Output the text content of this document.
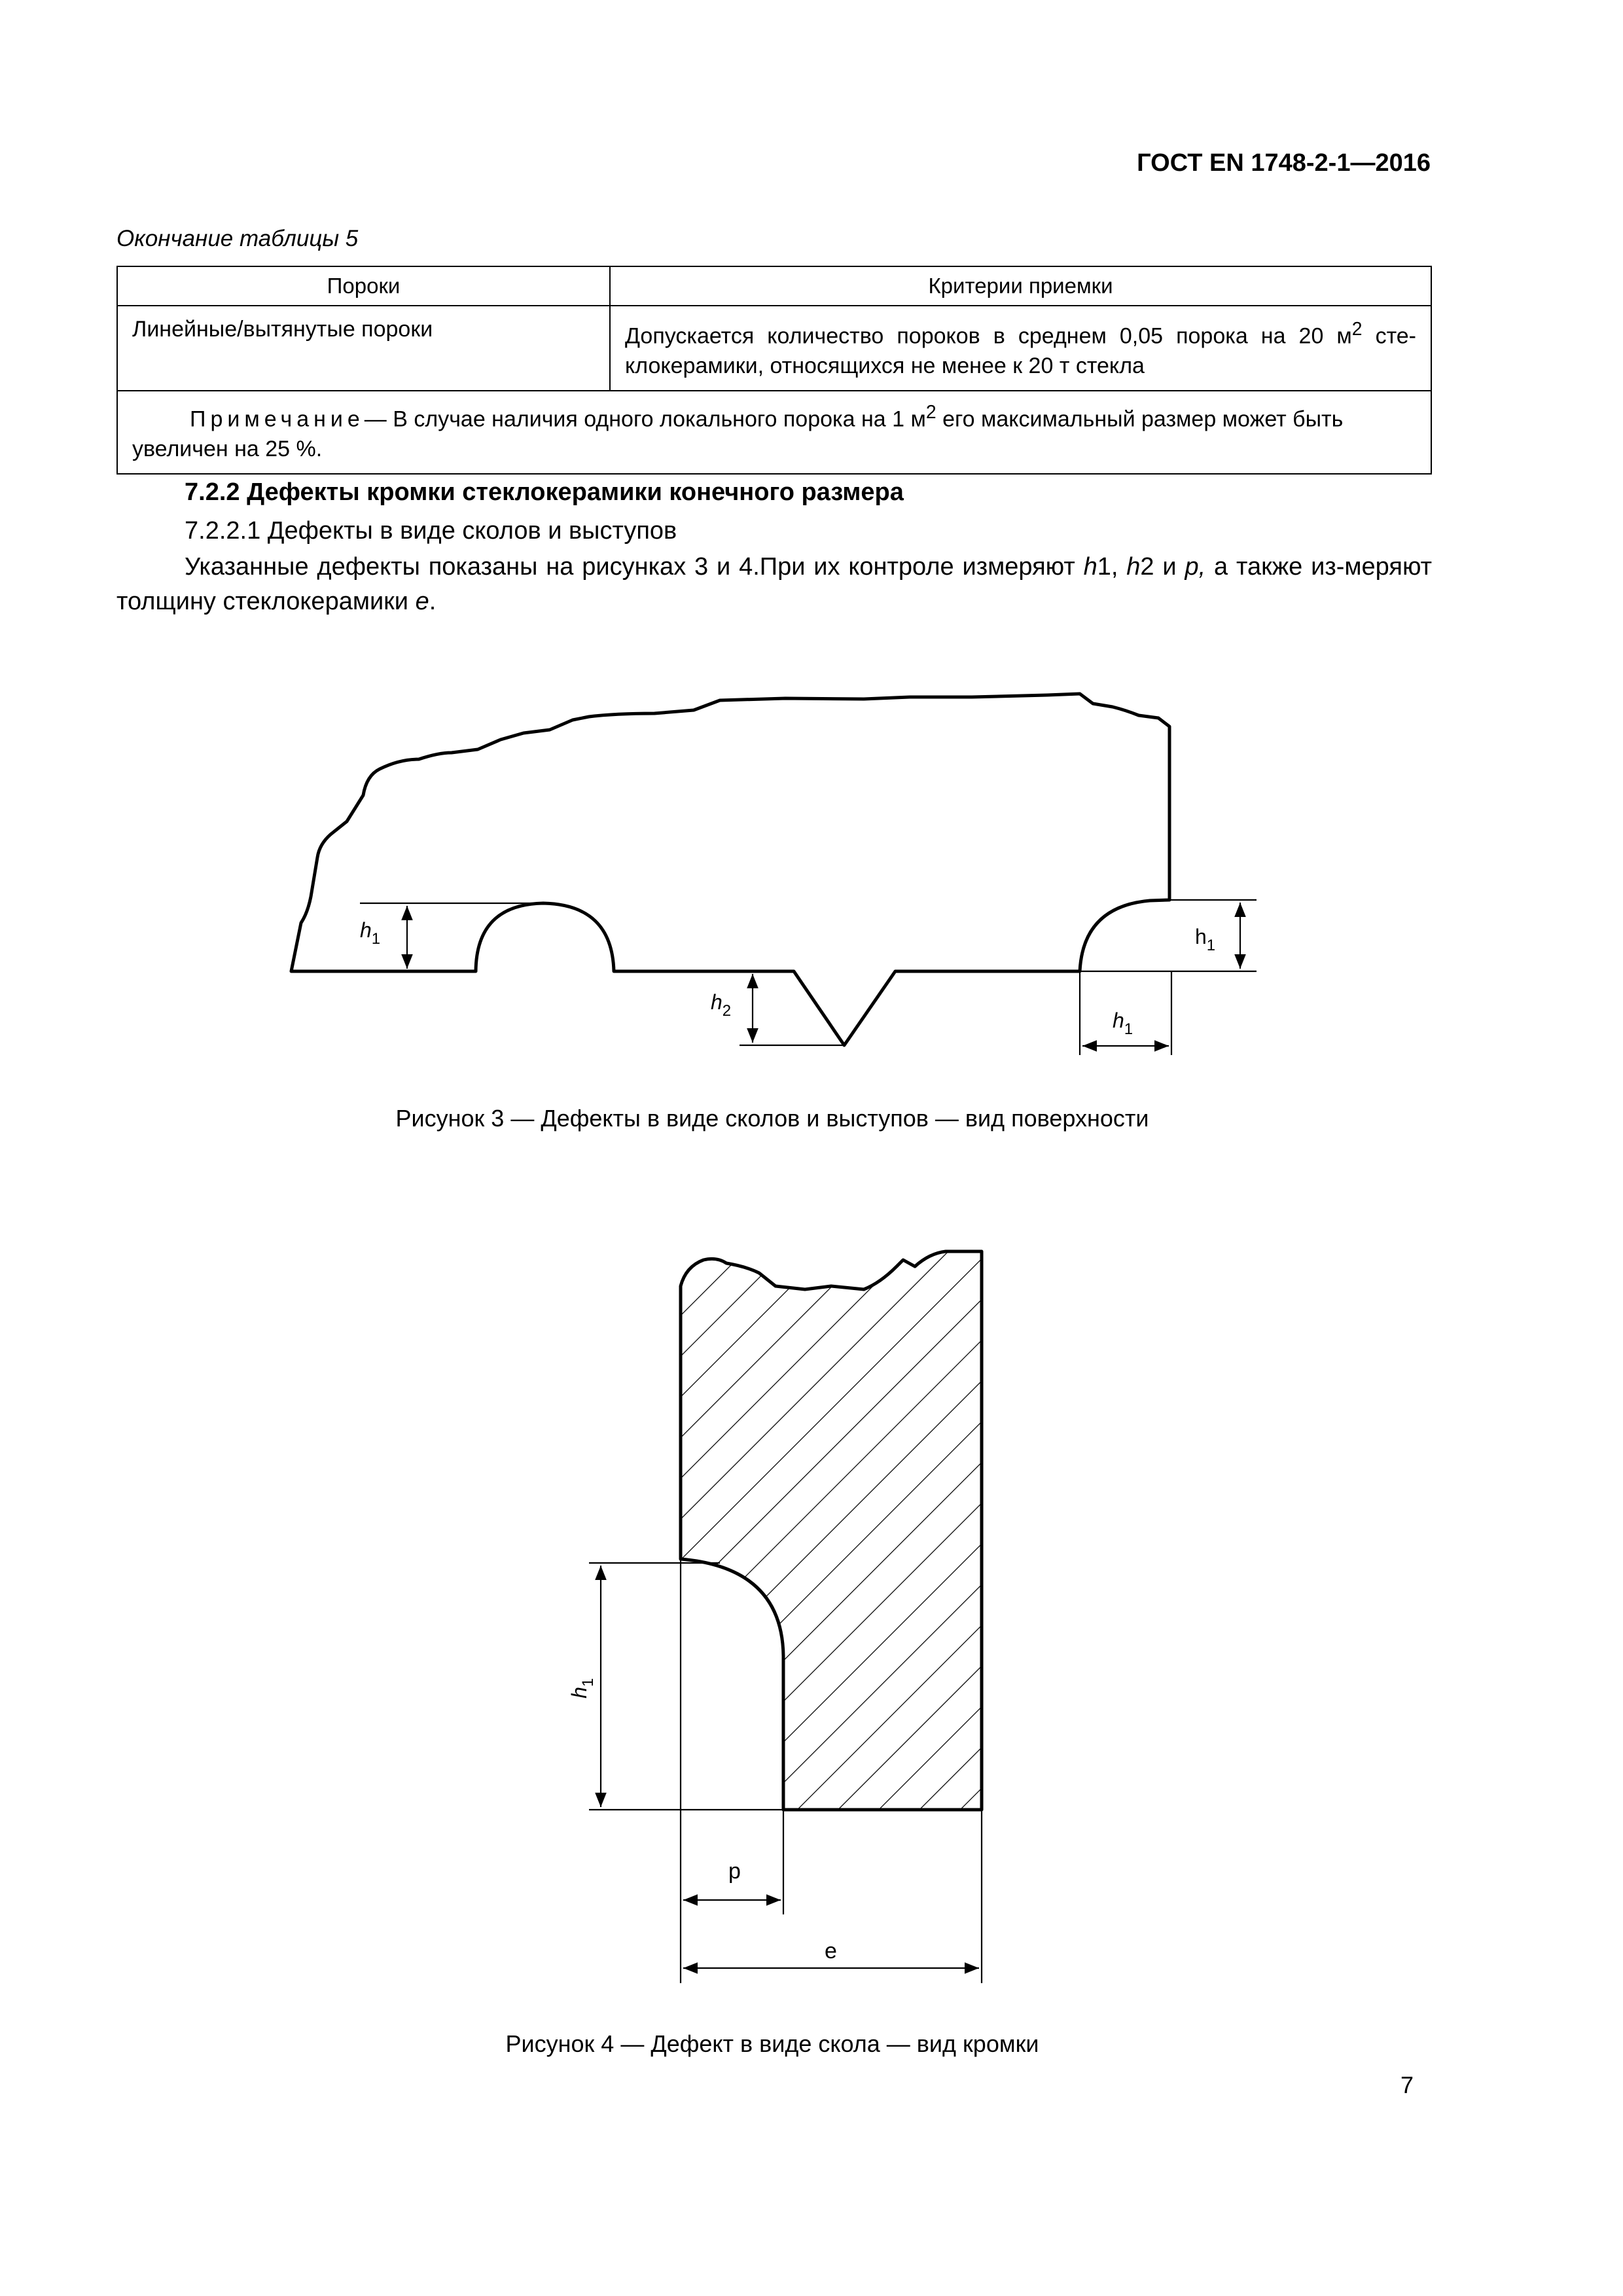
ГОСТ EN 1748-2-1—2016
Окончание таблицы 5
Пороки	Критерии приемки
Линейные/вытянутые пороки	Допускается количество пороков в среднем 0,05 порока на 20 $м^2$ сте-клокерамики, относящихся не менее к 20 т стекла
Примечание— В случае наличия одного локального порока на 1 $м^2$ его максимальный размер может быть увеличен на 25 %.	
7.2.2 Дефекты кромки стеклокерамики конечного размера
7.2.2.1 Дефекты в виде сколов и выступов
Указанные дефекты показаны на рисунках 3 и 4.При их контроле измеряют h1, h2 и p, а также из-меряют толщину стеклокерамики e.
$h_1$
$h_2$
$h_1$
$h_1$
Рисунок 3 — Дефекты в виде сколов и выступов — вид поверхности
$h_1$
p
e
Рисунок 4 — Дефект в виде скола — вид кромки
7
